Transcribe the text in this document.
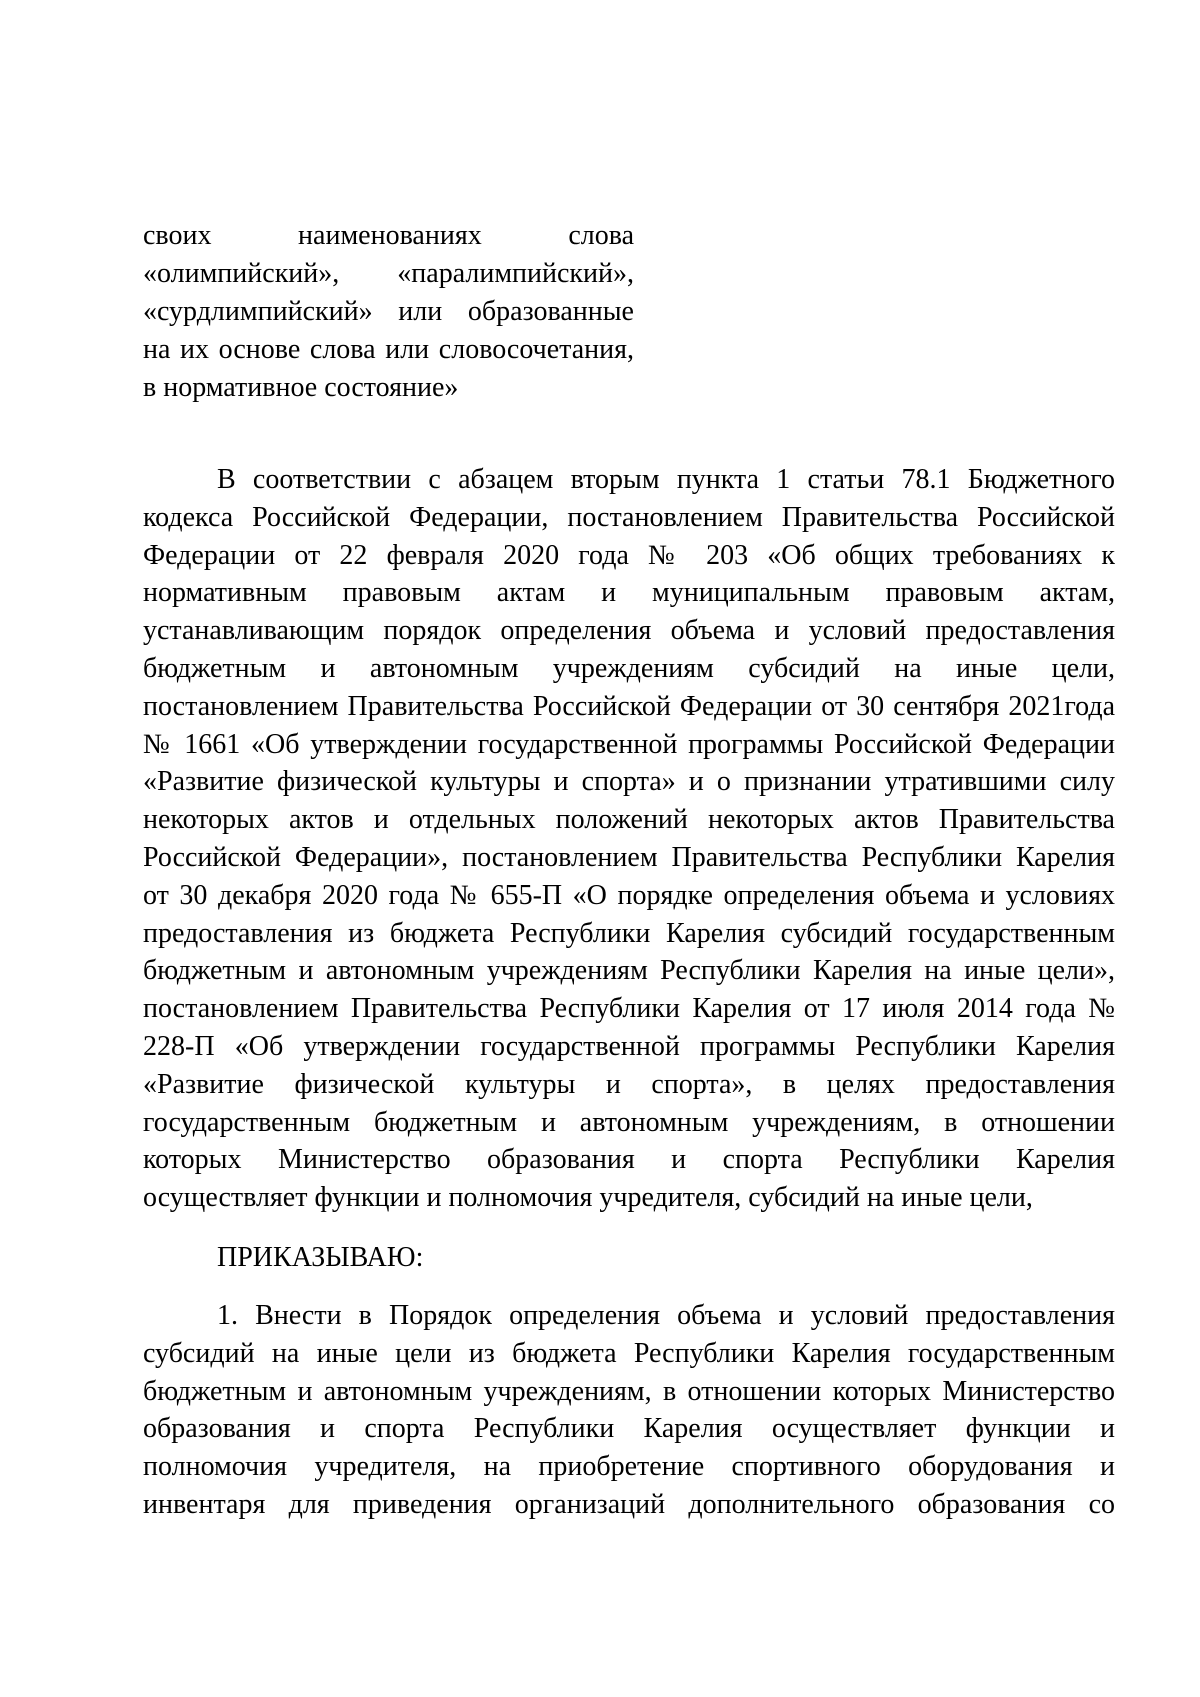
своих наименованиях слова
«олимпийский», «паралимпийский»,
«сурдлимпийский» или образованные
на их основе слова или словосочетания,
в нормативное состояние»
В соответствии с абзацем вторым пункта 1 статьи 78.1 Бюджетного
кодекса Российской Федерации, постановлением Правительства Российской
Федерации от 22 февраля 2020 года № 203 «Об общих требованиях к
нормативным правовым актам и муниципальным правовым актам,
устанавливающим порядок определения объема и условий предоставления
бюджетным и автономным учреждениям субсидий на иные цели,
постановлением Правительства Российской Федерации от 30 сентября 2021года
№ 1661 «Об утверждении государственной программы Российской Федерации
«Развитие физической культуры и спорта» и о признании утратившими силу
некоторых актов и отдельных положений некоторых актов Правительства
Российской Федерации», постановлением Правительства Республики Карелия
от 30 декабря 2020 года № 655-П «О порядке определения объема и условиях
предоставления из бюджета Республики Карелия субсидий государственным
бюджетным и автономным учреждениям Республики Карелия на иные цели»,
постановлением Правительства Республики Карелия от 17 июля 2014 года №
228-П «Об утверждении государственной программы Республики Карелия
«Развитие физической культуры и спорта», в целях предоставления
государственным бюджетным и автономным учреждениям, в отношении
которых Министерство образования и спорта Республики Карелия
осуществляет функции и полномочия учредителя, субсидий на иные цели,

ПРИКАЗЫВАЮ:

1. Внести в Порядок определения объема и условий предоставления
субсидий на иные цели из бюджета Республики Карелия государственным
бюджетным и автономным учреждениям, в отношении которых Министерство
образования и спорта Республики Карелия осуществляет функции и
полномочия учредителя, на приобретение спортивного оборудования и
инвентаря для приведения организаций дополнительного образования со
